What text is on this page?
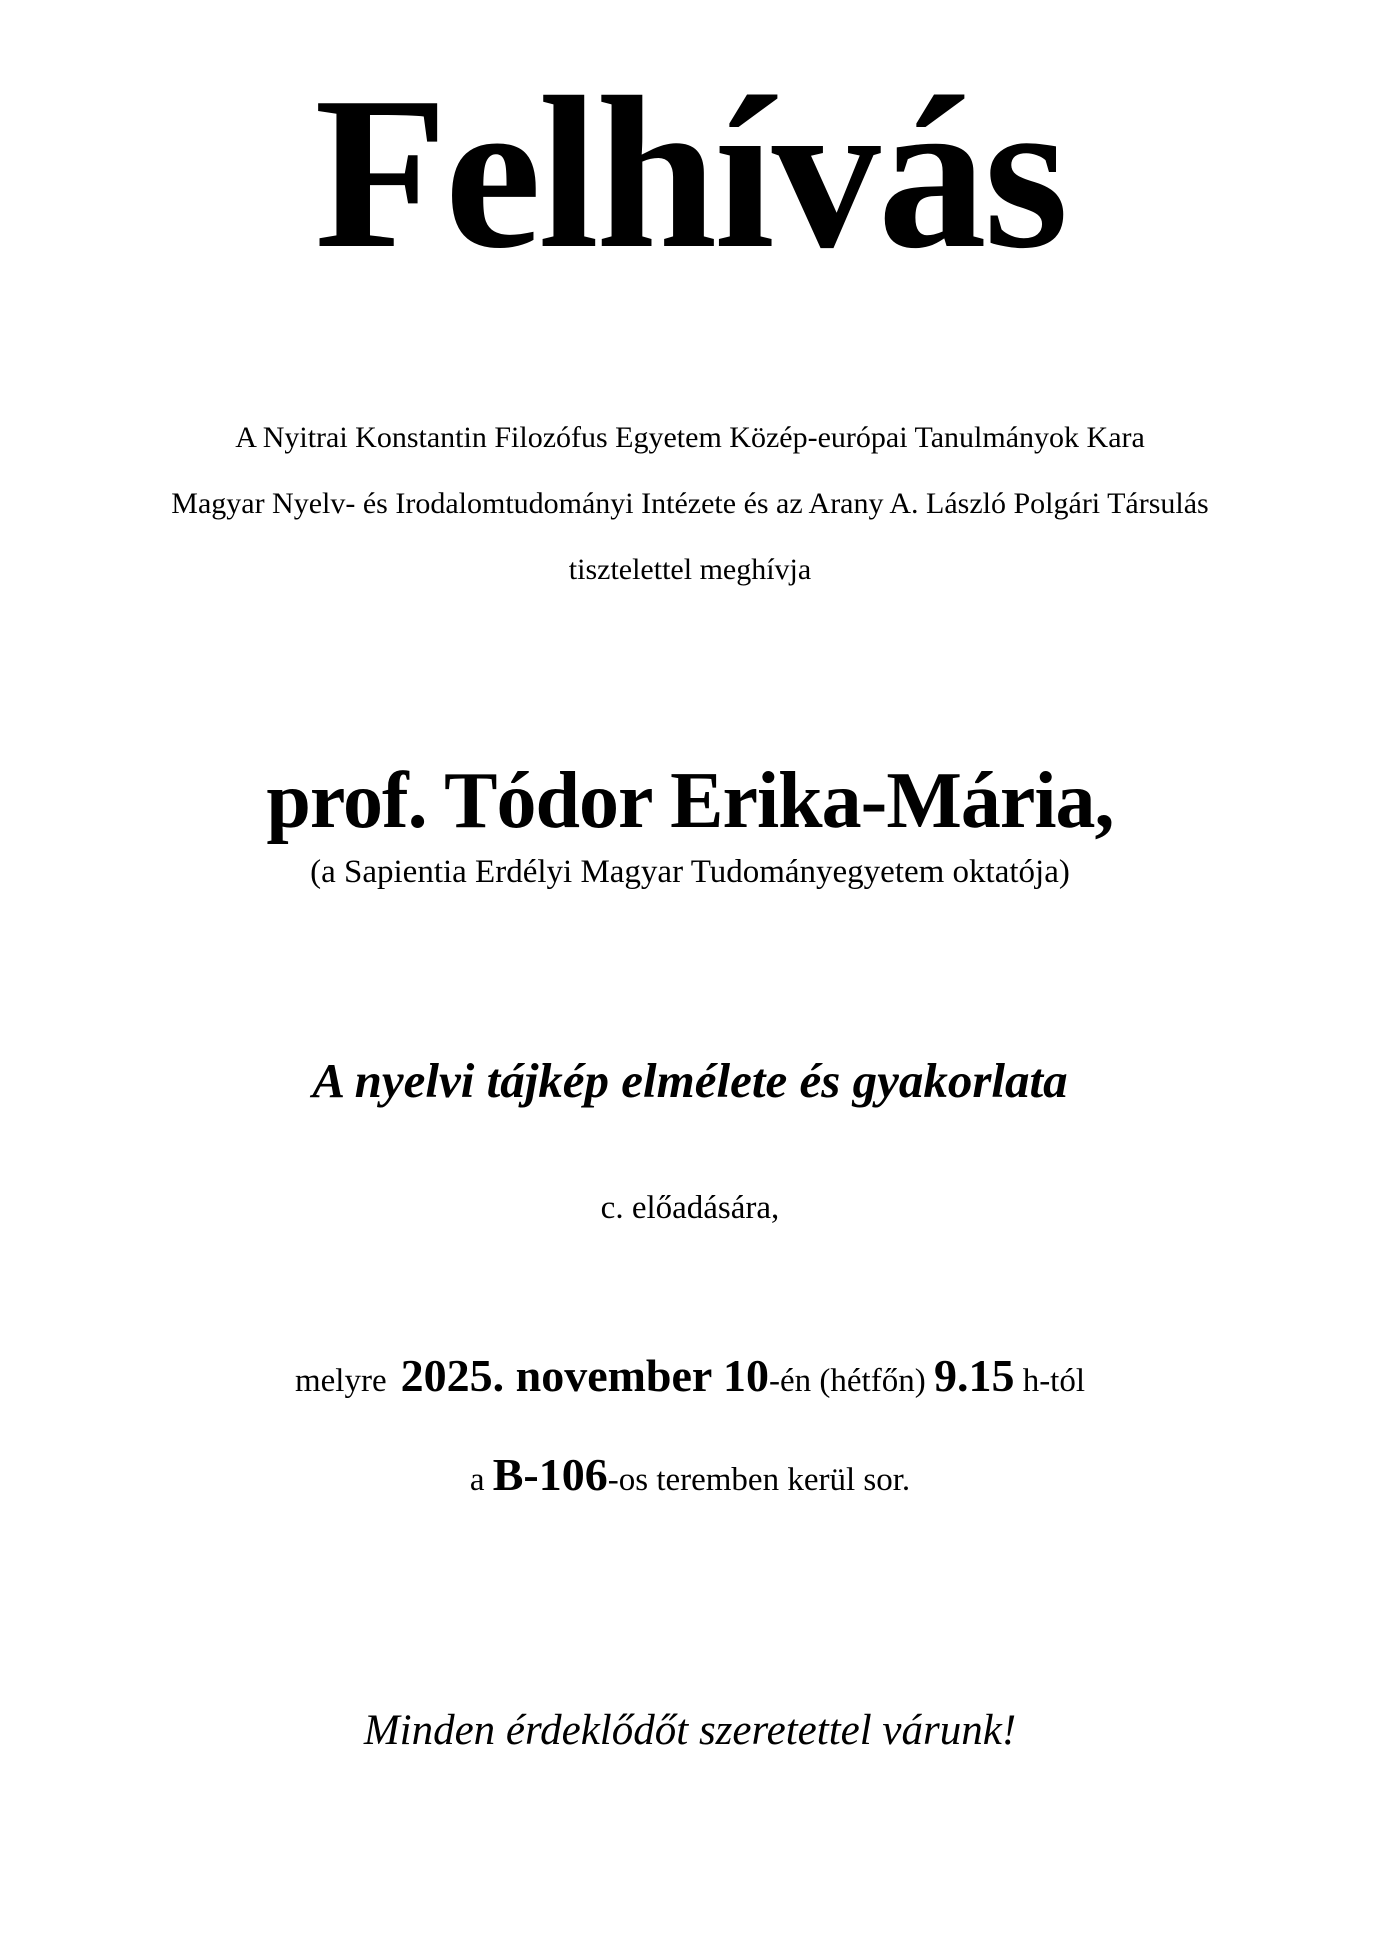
Felhívás

A Nyitrai Konstantin Filozófus Egyetem Közép-európai Tanulmányok Kara

Magyar Nyelv- és Irodalomtudományi Intézete és az Arany A. László Polgári Társulás

tisztelettel meghívja

prof. Tódor Erika-Mária,

(a Sapientia Erdélyi Magyar Tudományegyetem oktatója)

A nyelvi tájkép elmélete és gyakorlata

c. előadására,

melyre 2025. november 10-én (hétfőn) 9.15 h-tól

a B-106-os teremben kerül sor.

Minden érdeklődőt szeretettel várunk!
